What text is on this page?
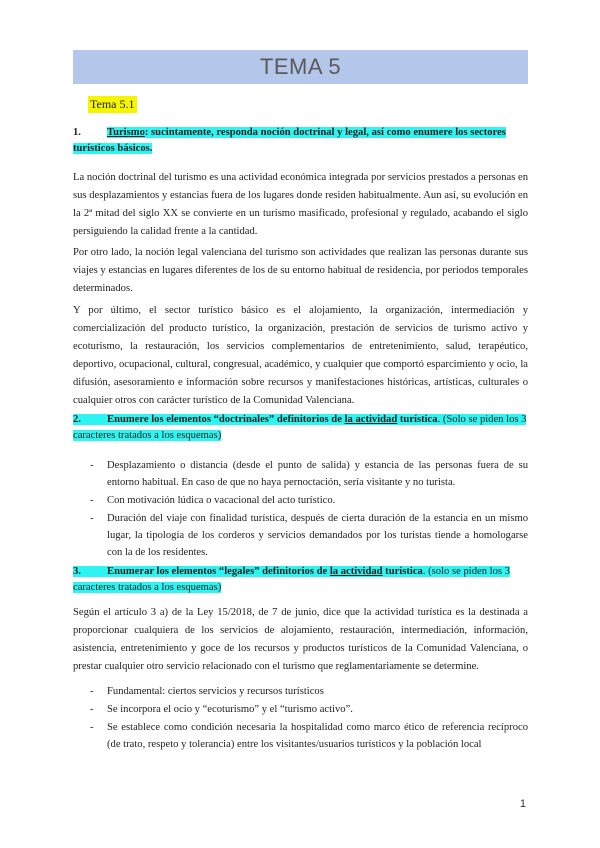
TEMA 5
Tema 5.1
1. Turismo: sucintamente, responda noción doctrinal y legal, así como enumere los sectores turísticos básicos.

La noción doctrinal del turismo es una actividad económica integrada por servicios prestados a personas en sus desplazamientos y estancias fuera de los lugares donde residen habitualmente. Aun así, su evolución en la 2ª mitad del siglo XX se convierte en un turismo masificado, profesional y regulado, acabando el siglo persiguiendo la calidad frente a la cantidad.

Por otro lado, la noción legal valenciana del turismo son actividades que realizan las personas durante sus viajes y estancias en lugares diferentes de los de su entorno habitual de residencia, por periodos temporales determinados.

Y por último, el sector turístico básico es el alojamiento, la organización, intermediación y comercialización del producto turístico, la organización, prestación de servicios de turismo activo y ecoturismo, la restauración, los servicios complementarios de entretenimiento, salud, terapéutico, deportivo, ocupacional, cultural, congresual, académico, y cualquier que comportó esparcimiento y ocio, la difusión, asesoramiento e información sobre recursos y manifestaciones históricas, artísticas, culturales o cualquier otros con carácter turístico de la Comunidad Valenciana.

2. Enumere los elementos “doctrinales” definitorios de la actividad turística. (Solo se piden los 3 caracteres tratados a los esquemas)
- Desplazamiento o distancia (desde el punto de salida) y estancia de las personas fuera de su entorno habitual. En caso de que no haya pernoctación, sería visitante y no turista.
- Con motivación lúdica o vacacional del acto turístico.
- Duración del viaje con finalidad turística, después de cierta duración de la estancia en un mismo lugar, la tipología de los corderos y servicios demandados por los turistas tiende a homologarse con la de los residentes.
3. Enumerar los elementos “legales” definitorios de la actividad turística. (solo se piden los 3 caracteres tratados a los esquemas)

Según el artículo 3 a) de la Ley 15/2018, de 7 de junio, dice que la actividad turística es la destinada a proporcionar cualquiera de los servicios de alojamiento, restauración, intermediación, información, asistencia, entretenimiento y goce de los recursos y productos turísticos de la Comunidad Valenciana, o prestar cualquier otro servicio relacionado con el turismo que reglamentariamente se determine.

- Fundamental: ciertos servicios y recursos turísticos
- Se incorpora el ocio y “ecoturismo” y el “turismo activo”.
- Se establece como condición necesaria la hospitalidad como marco ético de referencia recíproco (de trato, respeto y tolerancia) entre los visitantes/usuarios turísticos y la población local
1
